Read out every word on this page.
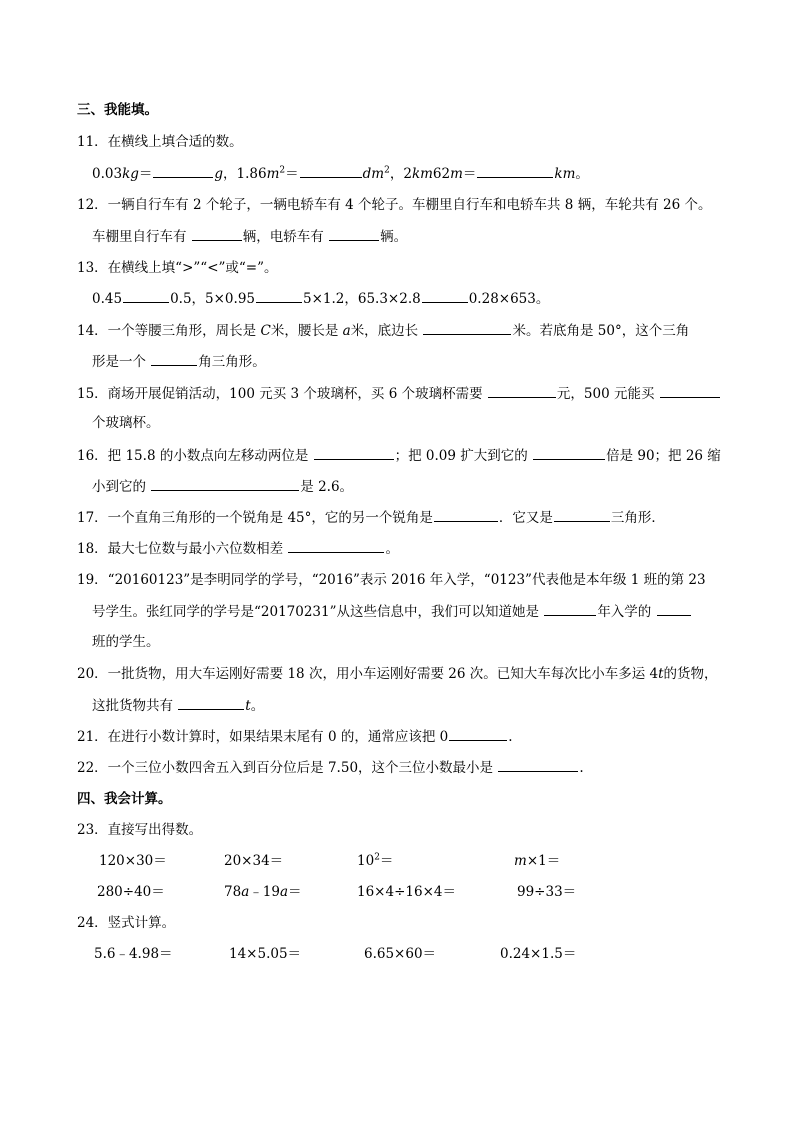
三、我能填。
11．在横线上填合适的数。
0.03kg＝	g，$1.86m^2=$	$dm^2$，2km62m＝	km。
12．一辆自行车有 2 个轮子，一辆电轿车有 4 个轮子。车棚里自行车和电轿车共 8 辆，车轮共有 26 个。
车棚里自行车有	辆，电轿车有	辆。
13．在横线上填“>”“<”或“=”。
0.45	0.5，5×0.95	5×1.2，65.3×2.8	0.28×653。
14．一个等腰三角形，周长是 C米，腰长是 a米，底边长	米。若底角是 50°，这个三角
形是一个	角三角形。
15．商场开展促销活动，100 元买 3 个玻璃杯，买 6 个玻璃杯需要	元，500 元能买
个玻璃杯。
16．把 15.8 的小数点向左移动两位是	；把 0.09 扩大到它的	倍是 90；把 26 缩
小到它的	是 2.6。
17．一个直角三角形的一个锐角是 45°，它的另一个锐角是	．它又是	三角形．
18．最大七位数与最小六位数相差	。
19．“20160123”是李明同学的学号，“2016”表示 2016 年入学，“0123”代表他是本年级 1 班的第 23
号学生。张红同学的学号是“20170231”从这些信息中，我们可以知道她是	年入学的
班的学生。
20．一批货物，用大车运刚好需要 18 次，用小车运刚好需要 26 次。已知大车每次比小车多运 4t的货物，
这批货物共有	t。
21．在进行小数计算时，如果结果末尾有 0 的，通常应该把 0	.
22．一个三位小数四舍五入到百分位后是 7.50，这个三位小数最小是	.
四、我会计算。
23．直接写出得数。
120×30＝	20×34＝	$10^2=$	m×1＝
280÷40＝	78a﹣19a＝	16×4÷16×4＝	99÷33＝
24．竖式计算。
5.6﹣4.98＝	14×5.05＝	6.65×60＝	0.24×1.5＝
